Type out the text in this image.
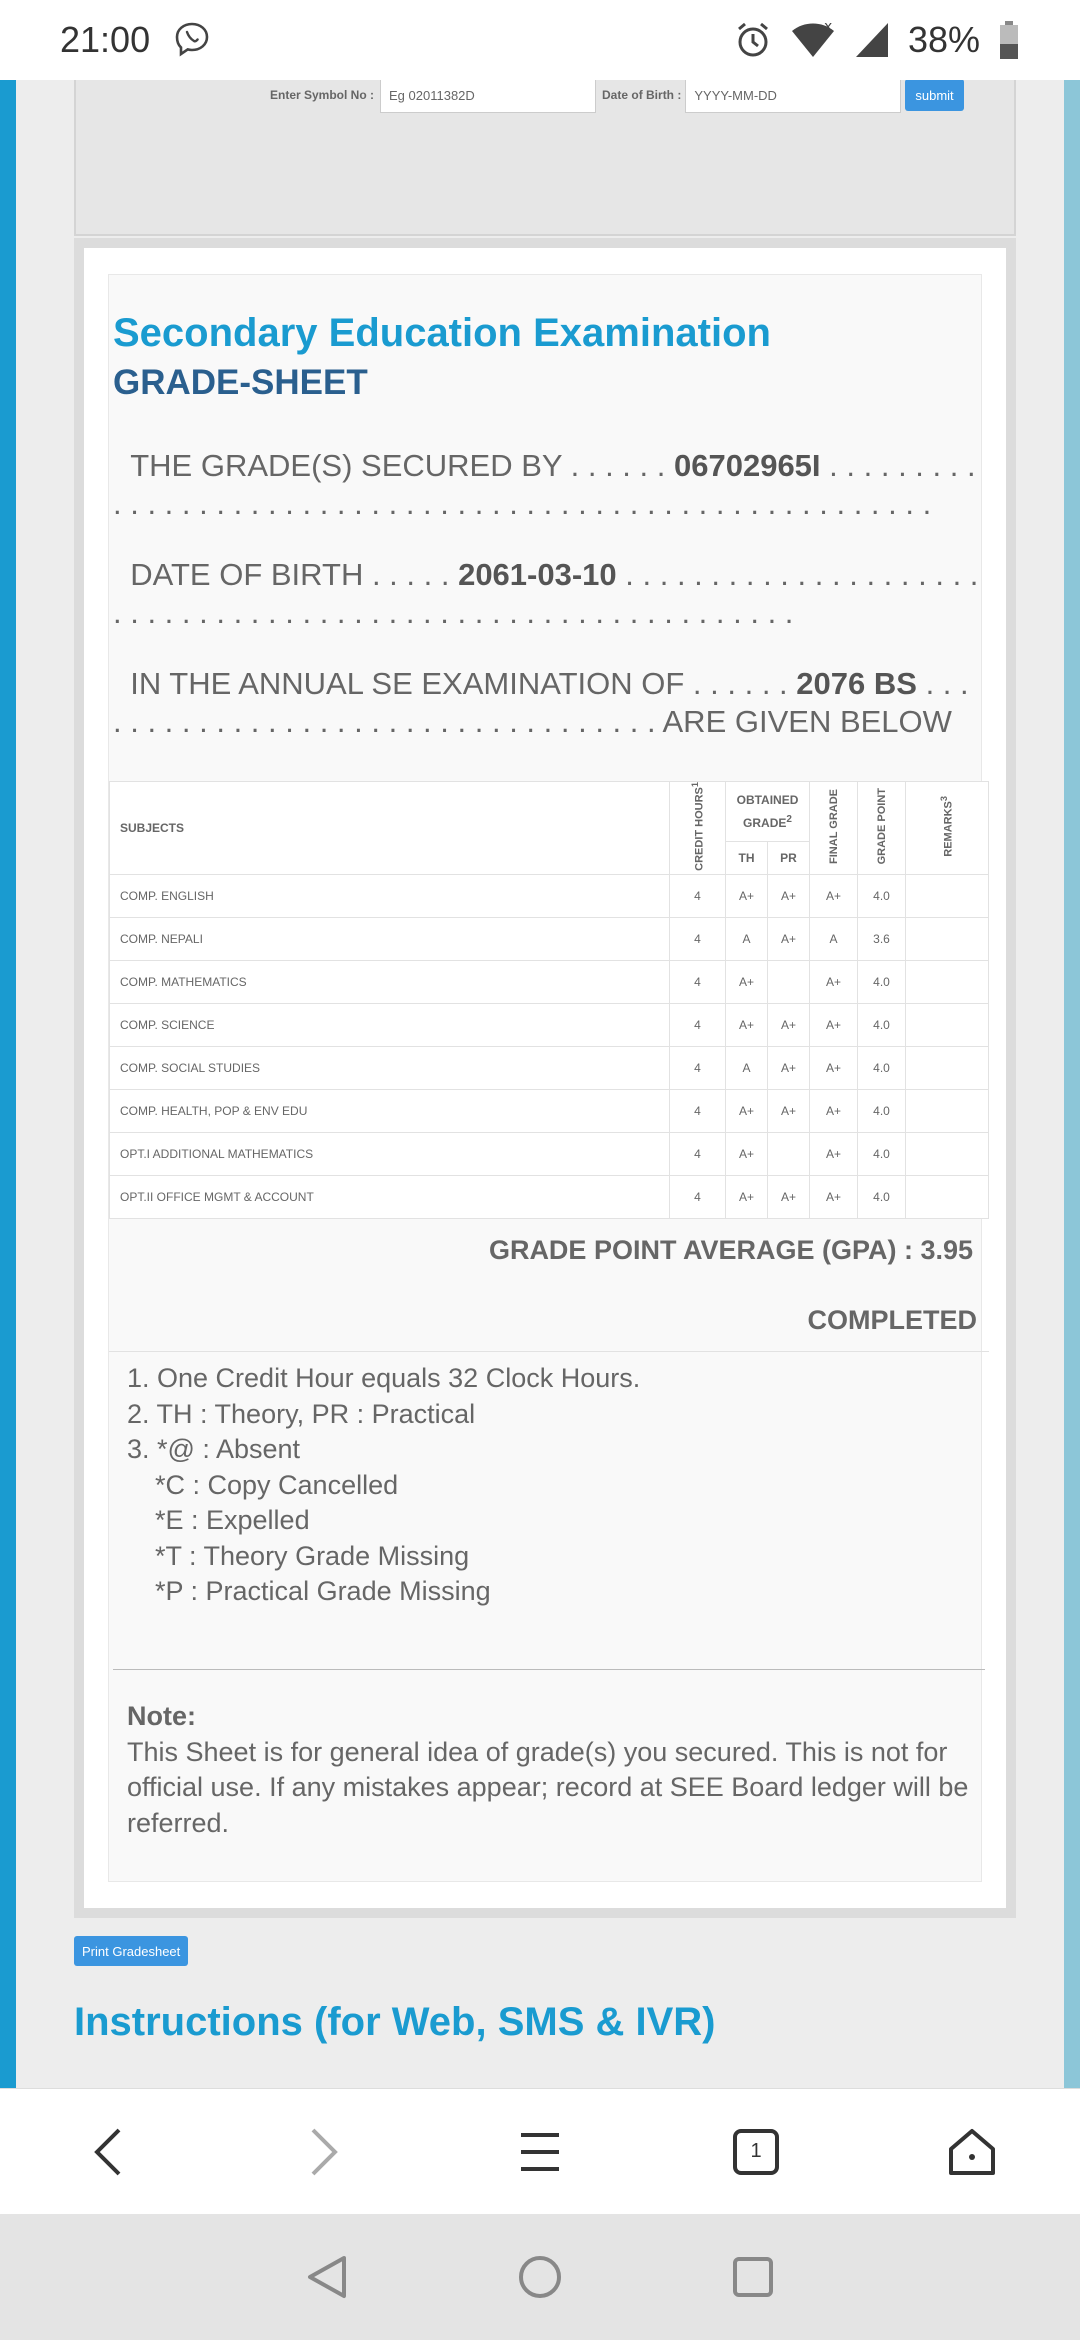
21:00	x 38%
Enter Symbol No :	Eg 02011382D	Date of Birth :	YYYY-MM-DD	submit
Secondary Education Examination
GRADE-SHEET
THE GRADE(S) SECURED BY . . . . . . 06702965I . . . . . . . . . . . . . . . . . . . . . . . . . . . . . . . . . . . . . . . . . . . . . . . . . . . . . . . . .
DATE OF BIRTH . . . . . 2061-03-10 . . . . . . . . . . . . . . . . . . . . . . . . . . . . . . . . . . . . . . . . . . . . . . . . . . . . . . . . . . . . .
IN THE ANNUAL SE EXAMINATION OF . . . . . . 2076 BS . . . . . . . . . . . . . . . . . . . . . . . . . . . . . . . . . . . ARE GIVEN BELOW
SUBJECTS	CREDIT HOURS$^1$	OBTAINED GRADE$^2$		FINAL GRADE	GRADE POINT	REMARKS$^3$
		TH	PR			
COMP. ENGLISH	4	A+	A+	A+	4.0	
COMP. NEPALI	4	A	A+	A	3.6	
COMP. MATHEMATICS	4	A+		A+	4.0	
COMP. SCIENCE	4	A+	A+	A+	4.0	
COMP. SOCIAL STUDIES	4	A	A+	A+	4.0	
COMP. HEALTH, POP & ENV EDU	4	A+	A+	A+	4.0	
OPT.I ADDITIONAL MATHEMATICS	4	A+		A+	4.0	
OPT.II OFFICE MGMT & ACCOUNT	4	A+	A+	A+	4.0	
GRADE POINT AVERAGE (GPA) : 3.95
COMPLETED
1. One Credit Hour equals 32 Clock Hours.
2. TH : Theory, PR : Practical
3. *@ : Absent
*C : Copy Cancelled
*E : Expelled
*T : Theory Grade Missing
*P : Practical Grade Missing
Note:
This Sheet is for general idea of grade(s) you secured. This is not for official use. If any mistakes appear; record at SEE Board ledger will be referred.
Print Gradesheet
Instructions (for Web, SMS & IVR)
1
